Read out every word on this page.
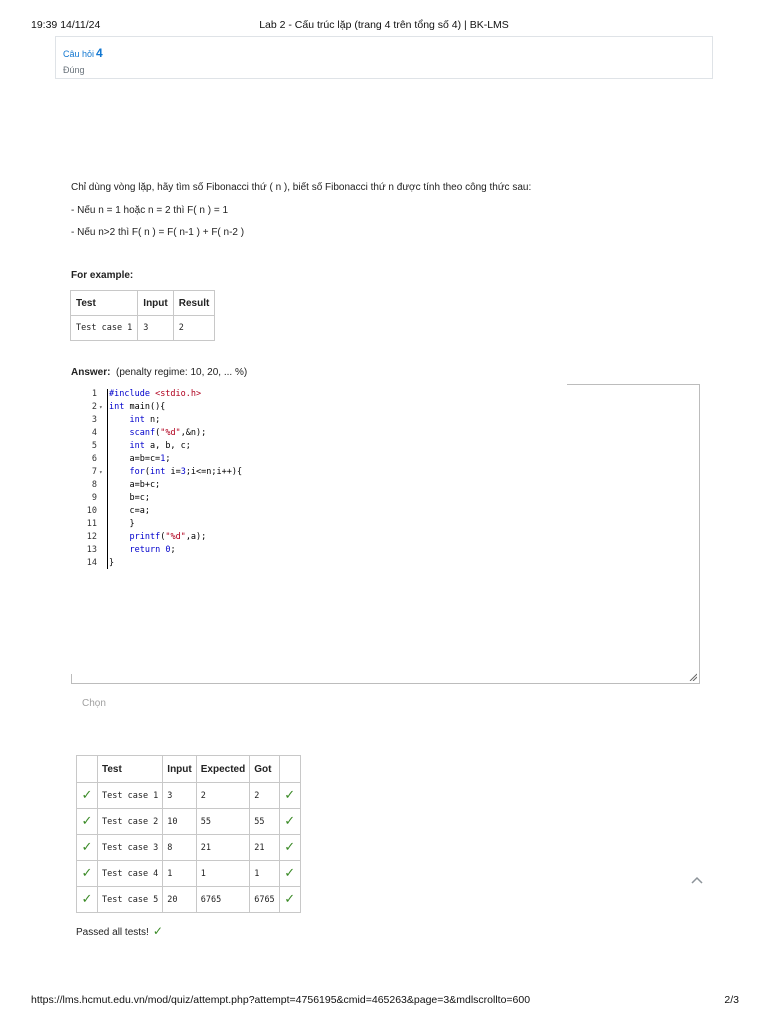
19:39 14/11/24	Lab 2 - Cấu trúc lặp (trang 4 trên tổng số 4) | BK-LMS
Câu hỏi 4
Đúng
Chỉ dùng vòng lặp, hãy tìm số Fibonacci thứ ( n ), biết số Fibonacci thứ n được tính theo công thức sau:
- Nếu n = 1 hoặc n = 2 thì F( n ) = 1
- Nếu n>2 thì F( n ) = F( n-1 ) + F( n-2 )
For example:
Test	Input	Result
Test case 1	3	2
Answer: (penalty regime: 10, 20, ... %)
1 #include <stdio.h>
2 ▾ int main(){
3	int n;
4	scanf("%d",&n);
5	int a, b, c;
6 a=b=c=1;
7 ▾	for(int i=3;i<=n;i++){
8 a=b+c;
9 b=c;
10 c=a;
11 }
12	printf("%d",a);
13	return 0;
14 }
Chọn
	Test	Input	Expected	Got	
✓	Test case 1	3	2	2	✓
✓	Test case 2	10	55	55	✓
✓	Test case 3	8	21	21	✓
✓	Test case 4	1	1	1	✓
✓	Test case 5	20	6765	6765	✓
Passed all tests! ✓
https://lms.hcmut.edu.vn/mod/quiz/attempt.php?attempt=4756195&cmid=465263&page=3&mdlscrollto=600	2/3
